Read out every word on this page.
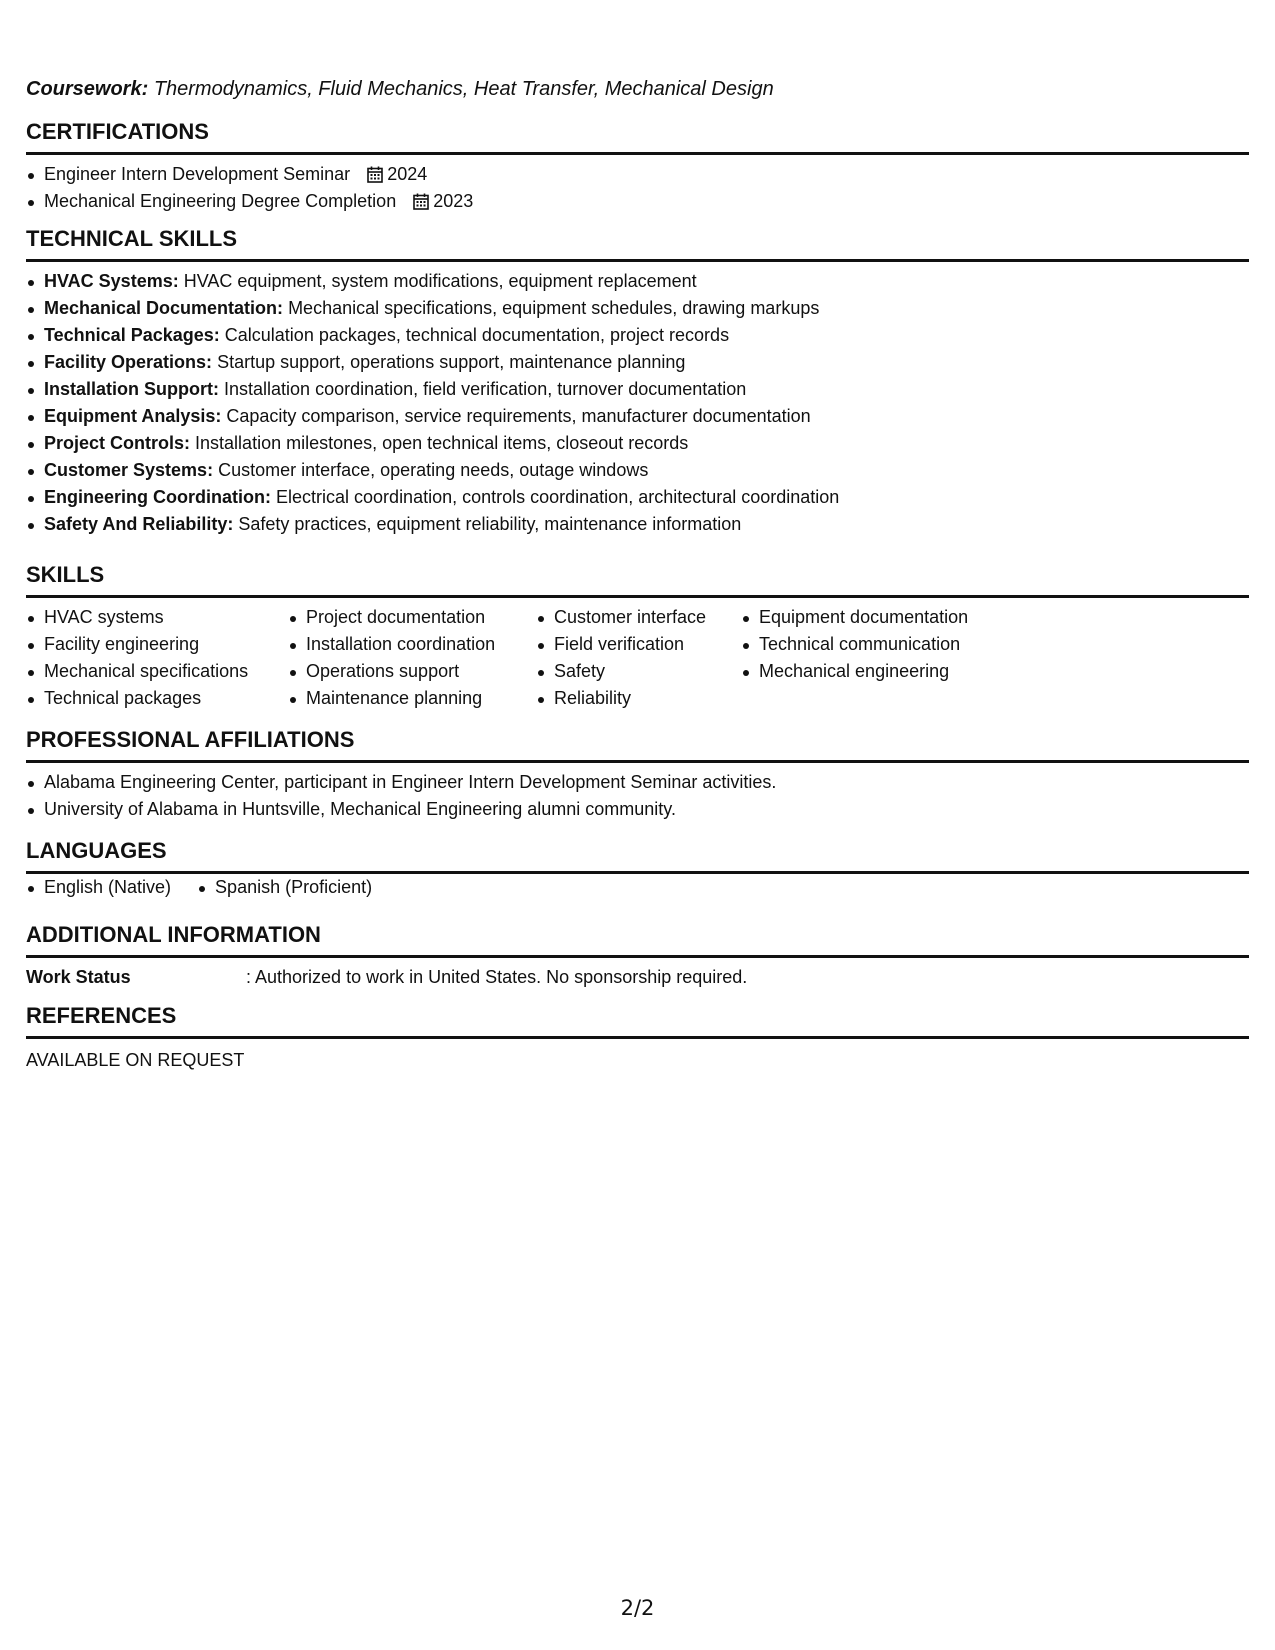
Coursework: Thermodynamics, Fluid Mechanics, Heat Transfer, Mechanical Design
CERTIFICATIONS
Engineer Intern Development Seminar 2024
Mechanical Engineering Degree Completion 2023
TECHNICAL SKILLS
HVAC Systems: HVAC equipment, system modifications, equipment replacement
Mechanical Documentation: Mechanical specifications, equipment schedules, drawing markups
Technical Packages: Calculation packages, technical documentation, project records
Facility Operations: Startup support, operations support, maintenance planning
Installation Support: Installation coordination, field verification, turnover documentation
Equipment Analysis: Capacity comparison, service requirements, manufacturer documentation
Project Controls: Installation milestones, open technical items, closeout records
Customer Systems: Customer interface, operating needs, outage windows
Engineering Coordination: Electrical coordination, controls coordination, architectural coordination
Safety And Reliability: Safety practices, equipment reliability, maintenance information
SKILLS
HVAC systems
Facility engineering
Mechanical specifications
Technical packages
Project documentation
Installation coordination
Operations support
Maintenance planning
Customer interface
Field verification
Safety
Reliability
Equipment documentation
Technical communication
Mechanical engineering
PROFESSIONAL AFFILIATIONS
Alabama Engineering Center, participant in Engineer Intern Development Seminar activities.
University of Alabama in Huntsville, Mechanical Engineering alumni community.
LANGUAGES
English (Native)	Spanish (Proficient)
ADDITIONAL INFORMATION
Work Status	: Authorized to work in United States. No sponsorship required.
REFERENCES
AVAILABLE ON REQUEST
2/2
